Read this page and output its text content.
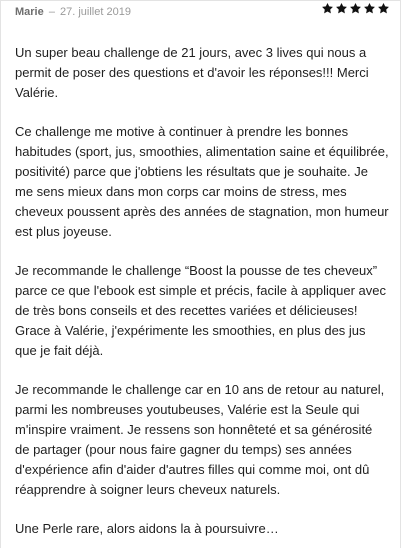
Marie – 27. juillet 2019

Un super beau challenge de 21 jours, avec 3 lives qui nous a permit de poser des questions et d'avoir les réponses!!! Merci Valérie.

Ce challenge me motive à continuer à prendre les bonnes habitudes (sport, jus, smoothies, alimentation saine et équilibrée, positivité) parce que j'obtiens les résultats que je souhaite. Je me sens mieux dans mon corps car moins de stress, mes cheveux poussent après des années de stagnation, mon humeur est plus joyeuse.

Je recommande le challenge “Boost la pousse de tes cheveux” parce ce que l'ebook est simple et précis, facile à appliquer avec de très bons conseils et des recettes variées et délicieuses! Grace à Valérie, j'expérimente les smoothies, en plus des jus que je fait déjà.

Je recommande le challenge car en 10 ans de retour au naturel, parmi les nombreuses youtubeuses, Valérie est la Seule qui m'inspire vraiment. Je ressens son honnêteté et sa générosité de partager (pour nous faire gagner du temps) ses années d'expérience afin d'aider d'autres filles qui comme moi, ont dû réapprendre à soigner leurs cheveux naturels.

Une Perle rare, alors aidons la à poursuivre…
